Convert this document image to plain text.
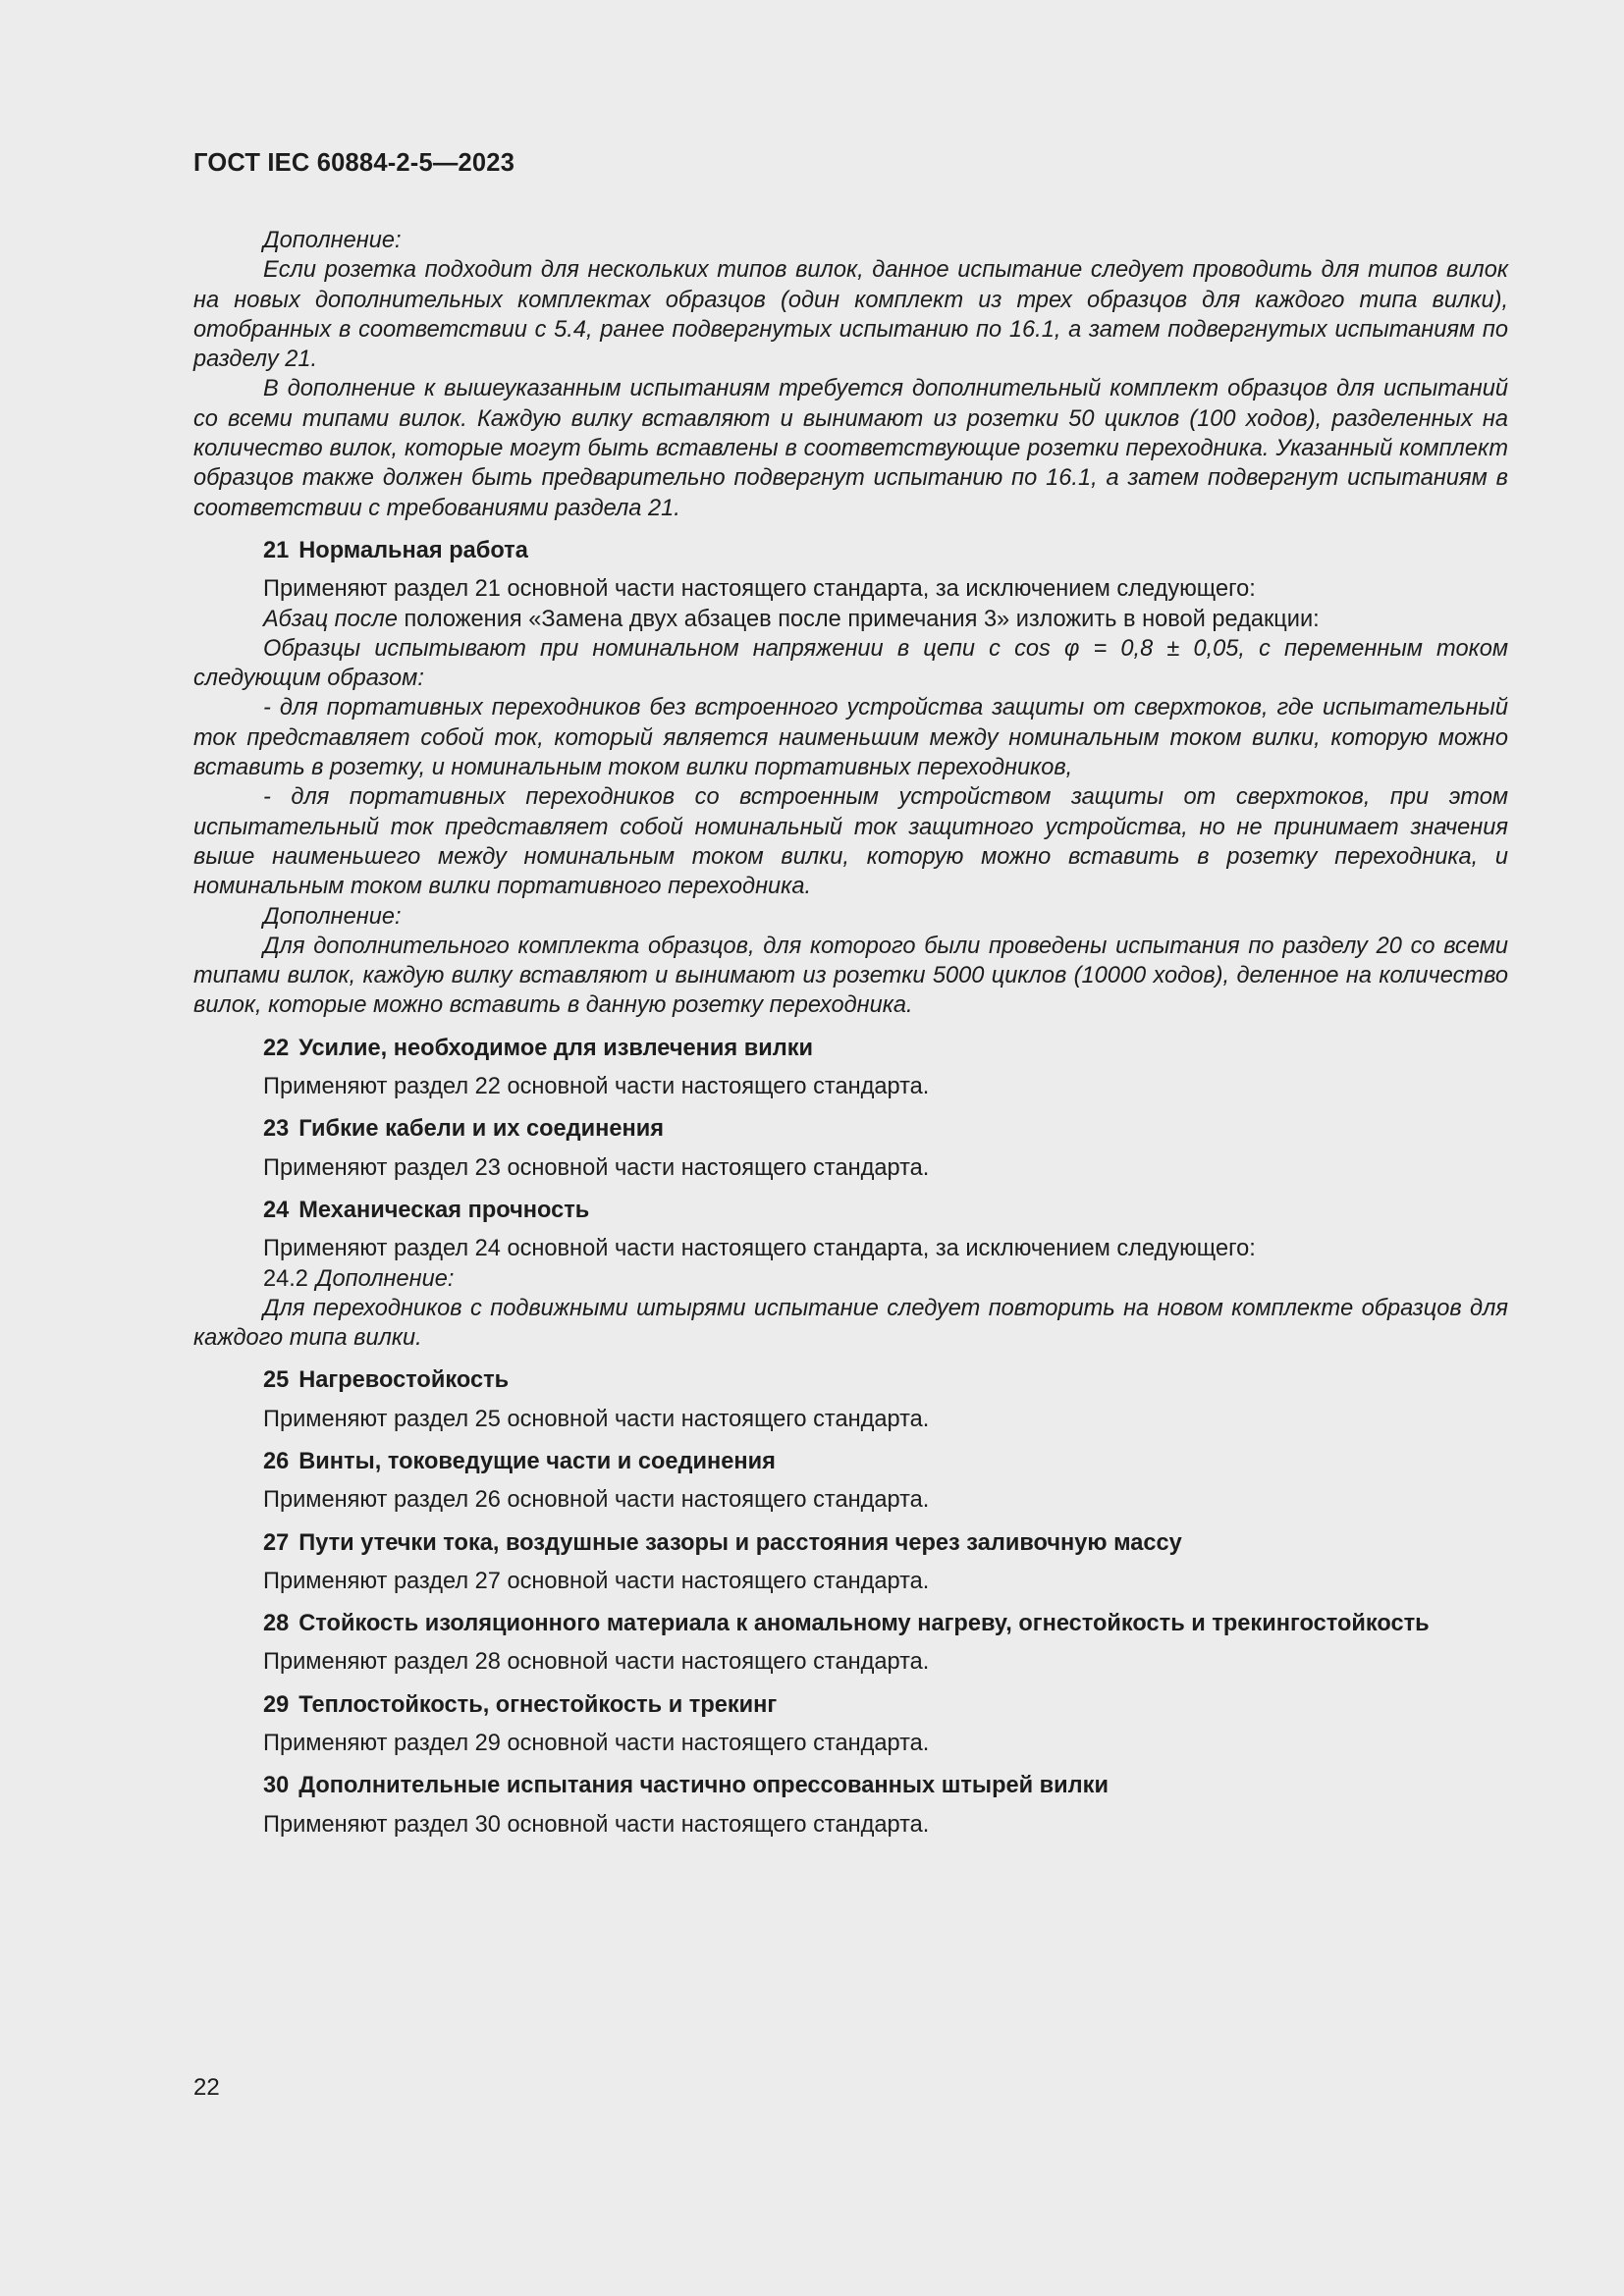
ГОСТ IEC 60884-2-5—2023

Дополнение:

Если розетка подходит для нескольких типов вилок, данное испытание следует проводить для типов вилок на новых дополнительных комплектах образцов (один комплект из трех образцов для каждого типа вилки), отобранных в соответствии с 5.4, ранее подвергнутых испытанию по 16.1, а затем подвергнутых испытаниям по разделу 21.

В дополнение к вышеуказанным испытаниям требуется дополнительный комплект образцов для испытаний со всеми типами вилок. Каждую вилку вставляют и вынимают из розетки 50 циклов (100 ходов), разделенных на количество вилок, которые могут быть вставлены в соответствующие розетки переходника. Указанный комплект образцов также должен быть предварительно подвергнут испытанию по 16.1, а затем подвергнут испытаниям в соответствии с требованиями раздела 21.

21 Нормальная работа

Применяют раздел 21 основной части настоящего стандарта, за исключением следующего:

Абзац после положения «Замена двух абзацев после примечания 3» изложить в новой редакции:

Образцы испытывают при номинальном напряжении в цепи с cos φ = 0,8 ± 0,05, с переменным током следующим образом:

- для портативных переходников без встроенного устройства защиты от сверхтоков, где испытательный ток представляет собой ток, который является наименьшим между номинальным током вилки, которую можно вставить в розетку, и номинальным током вилки портативных переходников,

- для портативных переходников со встроенным устройством защиты от сверхтоков, при этом испытательный ток представляет собой номинальный ток защитного устройства, но не принимает значения выше наименьшего между номинальным током вилки, которую можно вставить в розетку переходника, и номинальным током вилки портативного переходника.

Дополнение:

Для дополнительного комплекта образцов, для которого были проведены испытания по разделу 20 со всеми типами вилок, каждую вилку вставляют и вынимают из розетки 5000 циклов (10000 ходов), деленное на количество вилок, которые можно вставить в данную розетку переходника.

22 Усилие, необходимое для извлечения вилки

Применяют раздел 22 основной части настоящего стандарта.

23 Гибкие кабели и их соединения

Применяют раздел 23 основной части настоящего стандарта.

24 Механическая прочность

Применяют раздел 24 основной части настоящего стандарта, за исключением следующего:

24.2 Дополнение:

Для переходников с подвижными штырями испытание следует повторить на новом комплекте образцов для каждого типа вилки.

25 Нагревостойкость

Применяют раздел 25 основной части настоящего стандарта.

26 Винты, токоведущие части и соединения

Применяют раздел 26 основной части настоящего стандарта.

27 Пути утечки тока, воздушные зазоры и расстояния через заливочную массу

Применяют раздел 27 основной части настоящего стандарта.

28 Стойкость изоляционного материала к аномальному нагреву, огнестойкость и трекингостойкость

Применяют раздел 28 основной части настоящего стандарта.

29 Теплостойкость, огнестойкость и трекинг

Применяют раздел 29 основной части настоящего стандарта.

30 Дополнительные испытания частично опрессованных штырей вилки

Применяют раздел 30 основной части настоящего стандарта.

22
